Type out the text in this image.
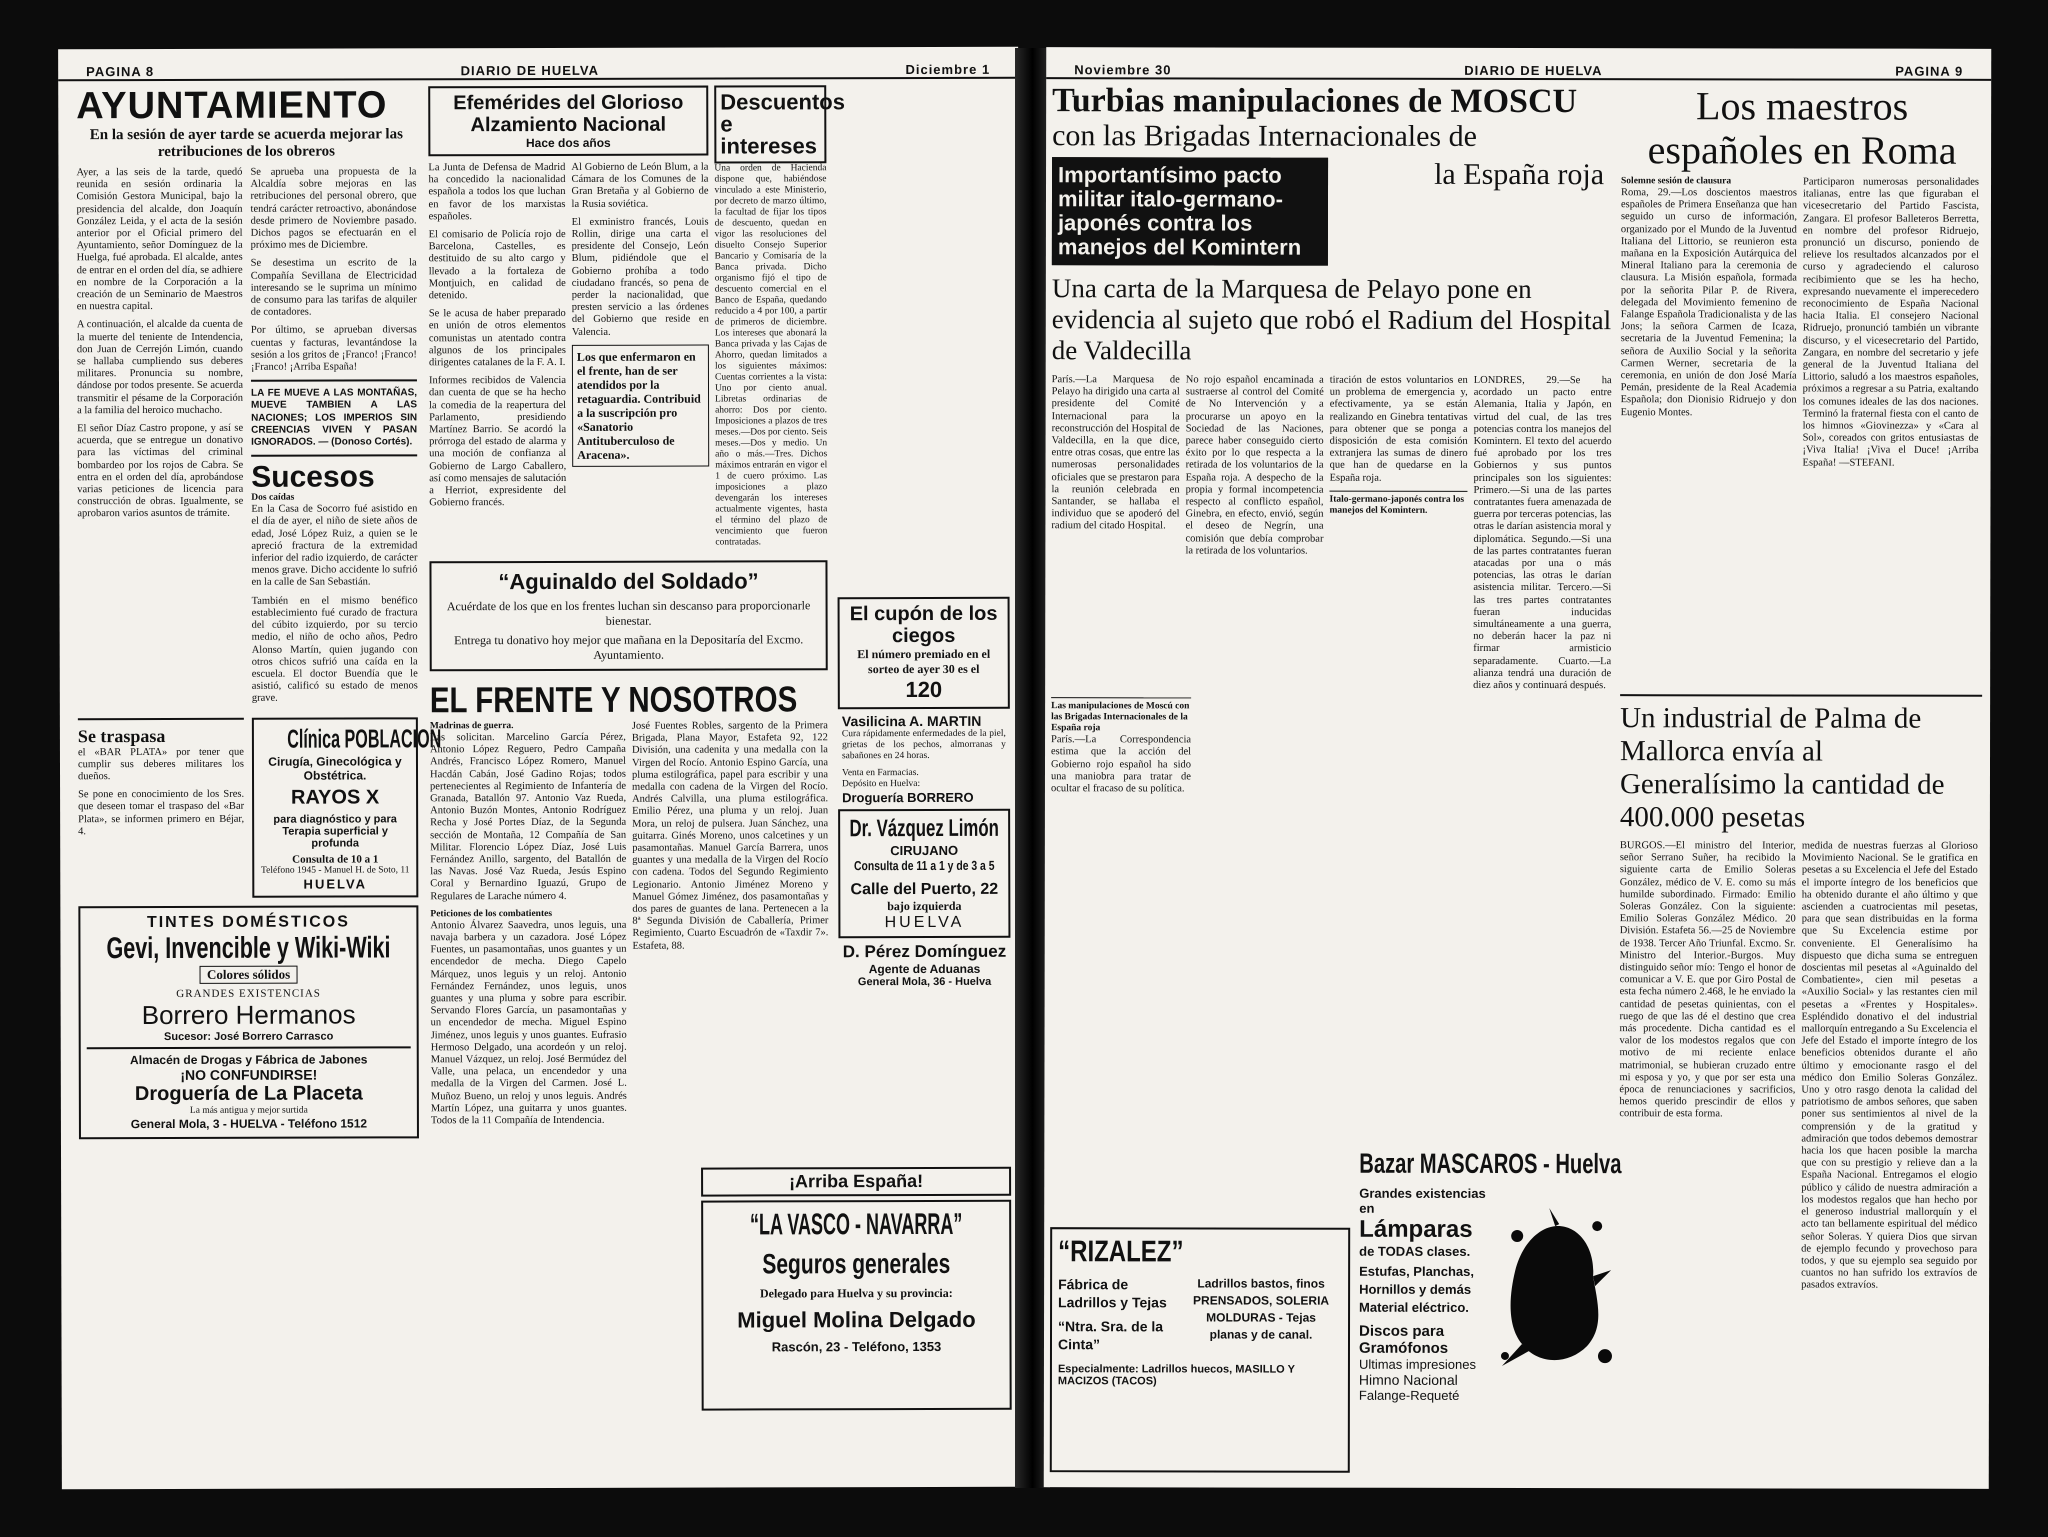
PAGINA 8	DIARIO DE HUELVA	Diciembre 1
AYUNTAMIENTO
En la sesión de ayer tarde se acuerda mejorar las retribuciones de los obreros

Ayer, a las seis de la tarde, quedó reunida en sesión ordinaria la Comisión Gestora Municipal, bajo la presidencia del alcalde, don Joaquín González Leida, y el acta de la sesión anterior por el Oficial primero del Ayuntamiento, señor Domínguez de la Huelga, fué aprobada. El alcalde, antes de entrar en el orden del día, se adhiere en nombre de la Corporación a la creación de un Seminario de Maestros en nuestra capital.

A continuación, el alcalde da cuenta de la muerte del teniente de Intendencia, don Juan de Cerrejón Limón, cuando se hallaba cumpliendo sus deberes militares. Pronuncia su nombre, dándose por todos presente. Se acuerda transmitir el pésame de la Corporación a la familia del heroico muchacho.

El señor Díaz Castro propone, y así se acuerda, que se entregue un donativo para las víctimas del criminal bombardeo por los rojos de Cabra. Se entra en el orden del día, aprobándose varias peticiones de licencia para construcción de obras. Igualmente, se aprobaron varios asuntos de trámite.

Se aprueba una propuesta de la Alcaldía sobre mejoras en las retribuciones del personal obrero, que tendrá carácter retroactivo, abonándose desde primero de Noviembre pasado. Dichos pagos se efectuarán en el próximo mes de Diciembre.

Se desestima un escrito de la Compañía Sevillana de Electricidad interesando se le suprima un mínimo de consumo para las tarifas de alquiler de contadores.

Por último, se aprueban diversas cuentas y facturas, levantándose la sesión a los gritos de ¡Franco! ¡Franco! ¡Franco! ¡Arriba España!

LA FE MUEVE A LAS MONTAÑAS, MUEVE TAMBIEN A LAS NACIONES; LOS IMPERIOS SIN CREENCIAS VIVEN Y PASAN IGNORADOS. — (Donoso Cortés).

Sucesos
Dos caídas

En la Casa de Socorro fué asistido en el día de ayer, el niño de siete años de edad, José López Ruiz, a quien se le apreció fractura de la extremidad inferior del radio izquierdo, de carácter menos grave. Dicho accidente lo sufrió en la calle de San Sebastián.

También en el mismo benéfico establecimiento fué curado de fractura del cúbito izquierdo, por su tercio medio, el niño de ocho años, Pedro Alonso Martín, quien jugando con otros chicos sufrió una caída en la escuela. El doctor Buendía que le asistió, calificó su estado de menos grave.

Se traspasa

el «BAR PLATA» por tener que cumplir sus deberes militares los dueños.

Se pone en conocimiento de los Sres. que deseen tomar el traspaso del «Bar Plata», se informen primero en Béjar, 4.

Clínica POBLACION
Cirugía, Ginecológica y Obstétrica.
RAYOS X
para diagnóstico y para Terapia superficial y profunda
Consulta de 10 a 1
Teléfono 1945 - Manuel H. de Soto, 11
HUELVA
TINTES DOMÉSTICOS
Gevi, Invencible y Wiki-Wiki
Colores sólidos
GRANDES EXISTENCIAS
Borrero Hermanos
Sucesor: José Borrero Carrasco
Almacén de Drogas y Fábrica de Jabones
¡NO CONFUNDIRSE!
Droguería de La Placeta
La más antigua y mejor surtida
General Mola, 3 - HUELVA - Teléfono 1512
Efemérides del Glorioso Alzamiento Nacional
Hace dos años

La Junta de Defensa de Madrid ha concedido la nacionalidad española a todos los que luchan en favor de los marxistas españoles.

El comisario de Policía rojo de Barcelona, Castelles, es destituido de su alto cargo y llevado a la fortaleza de Montjuich, en calidad de detenido.

Se le acusa de haber preparado en unión de otros elementos comunistas un atentado contra algunos de los principales dirigentes catalanes de la F. A. I.

Informes recibidos de Valencia dan cuenta de que se ha hecho la comedia de la reapertura del Parlamento, presidiendo Martínez Barrio. Se acordó la prórroga del estado de alarma y una moción de confianza al Gobierno de Largo Caballero, así como mensajes de salutación a Herriot, expresidente del Gobierno francés.

Al Gobierno de León Blum, a la Cámara de los Comunes de la Gran Bretaña y al Gobierno de la Rusia soviética.

El exministro francés, Louis Rollin, dirige una carta el presidente del Consejo, León Blum, pidiéndole que el Gobierno prohíba a todo ciudadano francés, so pena de perder la nacionalidad, que presten servicio a las órdenes del Gobierno que reside en Valencia.

Los que enfermaron en el frente, han de ser atendidos por la retaguardia. Contribuid a la suscripción pro «Sanatorio Antituberculoso de Aracena».

Descuentos e intereses

Una orden de Hacienda dispone que, habiéndose vinculado a este Ministerio, por decreto de marzo último, la facultad de fijar los tipos de descuento, quedan en vigor las resoluciones del disuelto Consejo Superior Bancario y Comisaría de la Banca privada. Dicho organismo fijó el tipo de descuento comercial en el Banco de España, quedando reducido a 4 por 100, a partir de primeros de diciembre. Los intereses que abonará la Banca privada y las Cajas de Ahorro, quedan limitados a los siguientes máximos: Cuentas corrientes a la vista: Uno por ciento anual. Libretas ordinarias de ahorro: Dos por ciento. Imposiciones a plazos de tres meses.—Dos por ciento. Seis meses.—Dos y medio. Un año o más.—Tres. Dichos máximos entrarán en vigor el 1 de cuero próximo. Las imposiciones a plazo devengarán los intereses actualmente vigentes, hasta el término del plazo de vencimiento que fueron contratadas.

“Aguinaldo del Soldado”

Acuérdate de los que en los frentes luchan sin descanso para proporcionarle bienestar.

Entrega tu donativo hoy mejor que mañana en la Depositaría del Excmo. Ayuntamiento.

EL FRENTE Y NOSOTROS
Madrinas de guerra.

Las solicitan. Marcelino García Pérez, Antonio López Reguero, Pedro Campaña Andrés, Francisco López Romero, Manuel Hacdán Cabán, José Gadino Rojas; todos pertenecientes al Regimiento de Infantería de Granada, Batallón 97. Antonio Vaz Rueda, Antonio Buzón Montes, Antonio Rodríguez Recha y José Portes Díaz, de la Segunda sección de Montaña, 12 Compañía de San Militar. Florencio López Díaz, José Luis Fernández Anillo, sargento, del Batallón de las Navas. José Vaz Rueda, Jesús Espino Coral y Bernardino Iguazú, Grupo de Regulares de Larache número 4.

Peticiones de los combatientes

Antonio Álvarez Saavedra, unos leguis, una navaja barbera y un cazadora. José López Fuentes, un pasamontañas, unos guantes y un encendedor de mecha. Diego Capelo Márquez, unos leguis y un reloj. Antonio Fernández Fernández, unos leguis, unos guantes y una pluma y sobre para escribir. Servando Flores García, un pasamontañas y un encendedor de mecha. Miguel Espino Jiménez, unos leguis y unos guantes. Eufrasio Hermoso Delgado, una acordeón y un reloj. Manuel Vázquez, un reloj. José Bermúdez del Valle, una pelaca, un encendedor y una medalla de la Virgen del Carmen. José L. Muñoz Bueno, un reloj y unos leguis. Andrés Martín López, una guitarra y unos guantes. Todos de la 11 Compañía de Intendencia.

José Fuentes Robles, sargento de la Primera Brigada, Plana Mayor, Estafeta 92, 122 División, una cadenita y una medalla con la Virgen del Rocío. Antonio Espino García, una pluma estilográfica, papel para escribir y una medalla con cadena de la Virgen del Rocío. Andrés Calvilla, una pluma estilográfica. Emilio Pérez, una pluma y un reloj. Juan Mora, un reloj de pulsera. Juan Sánchez, una guitarra. Ginés Moreno, unos calcetines y un pasamontañas. Manuel García Barrera, unos guantes y una medalla de la Virgen del Rocío con cadena. Todos del Segundo Regimiento Legionario. Antonio Jiménez Moreno y Manuel Gómez Jiménez, dos pasamontañas y dos pares de guantes de lana. Pertenecen a la 8ª Segunda División de Caballería, Primer Regimiento, Cuarto Escuadrón de «Taxdir 7». Estafeta, 88.

El cupón de los ciegos
El número premiado en el sorteo de ayer 30 es el
120
Vasilicina A. MARTIN

Cura rápidamente enfermedades de la piel, grietas de los pechos, almorranas y sabañones en 24 horas.

Venta en Farmacias.
Depósito en Huelva:
Droguería BORRERO
Dr. Vázquez Limón
CIRUJANO
Consulta de 11 a 1 y de 3 a 5
Calle del Puerto, 22
bajo izquierda
HUELVA
D. Pérez Domínguez
Agente de Aduanas
General Mola, 36 - Huelva
¡Arriba España!
“LA VASCO - NAVARRA”
Seguros generales
Delegado para Huelva y su provincia:
Miguel Molina Delgado
Rascón, 23 - Teléfono, 1353
Noviembre 30	DIARIO DE HUELVA	PAGINA 9
Turbias manipulaciones de MOSCU
con las Brigadas Internacionales de
Importantísimo pacto militar italo-germano-japonés contra los manejos del Komintern
la España roja
Una carta de la Marquesa de Pelayo pone en evidencia al sujeto que robó el Radium del Hospital de Valdecilla

París.—La Marquesa de Pelayo ha dirigido una carta al presidente del Comité Internacional para la reconstrucción del Hospital de Valdecilla, en la que dice, entre otras cosas, que entre las numerosas personalidades oficiales que se prestaron para la reunión celebrada en Santander, se hallaba el individuo que se apoderó del radium del citado Hospital.

No rojo español encaminada a sustraerse al control del Comité de No Intervención y a procurarse un apoyo en la Sociedad de las Naciones, parece haber conseguido cierto éxito por lo que respecta a la retirada de los voluntarios de la España roja. A despecho de la propia y formal incompetencia respecto al conflicto español, Ginebra, en efecto, envió, según el deseo de Negrín, una comisión que debía comprobar la retirada de los voluntarios.

tiración de estos voluntarios en un problema de emergencia y, efectivamente, ya se están realizando en Ginebra tentativas para obtener que se ponga a disposición de esta comisión extranjera las sumas de dinero que han de quedarse en la España roja.

Italo-germano-japonés contra los manejos del Komintern.

LONDRES, 29.—Se ha acordado un pacto entre Alemania, Italia y Japón, en virtud del cual, de las tres potencias contra los manejos del Komintern. El texto del acuerdo fué aprobado por los tres Gobiernos y sus puntos principales son los siguientes: Primero.—Si una de las partes contratantes fuera amenazada de guerra por terceras potencias, las otras le darían asistencia moral y diplomática. Segundo.—Si una de las partes contratantes fueran atacadas por una o más potencias, las otras le darían asistencia militar. Tercero.—Si las tres partes contratantes fueran inducidas simultáneamente a una guerra, no deberán hacer la paz ni firmar armisticio separadamente. Cuarto.—La alianza tendrá una duración de diez años y continuará después.

Las manipulaciones de Moscú con las Brigadas Internacionales de la España roja

París.—La Correspondencia estima que la acción del Gobierno rojo español ha sido una maniobra para tratar de ocultar el fracaso de su política.

Los maestros españoles en Roma
Solemne sesión de clausura

Roma, 29.—Los doscientos maestros españoles de Primera Enseñanza que han seguido un curso de información, organizado por el Mundo de la Juventud Italiana del Littorio, se reunieron esta mañana en la Exposición Autárquica del Mineral Italiano para la ceremonia de clausura. La Misión española, formada por la señorita Pilar P. de Rivera, delegada del Movimiento femenino de Falange Española Tradicionalista y de las Jons; la señora Carmen de Icaza, secretaria de la Juventud Femenina; la señora de Auxilio Social y la señorita Carmen Werner, secretaria de la ceremonia, en unión de don José María Pemán, presidente de la Real Academia Española; don Dionisio Ridruejo y don Eugenio Montes.

Participaron numerosas personalidades italianas, entre las que figuraban el vicesecretario del Partido Fascista, Zangara. El profesor Balleteros Berretta, en nombre del profesor Ridruejo, pronunció un discurso, poniendo de relieve los resultados alcanzados por el curso y agradeciendo el caluroso recibimiento que se les ha hecho, expresando nuevamente el imperecedero reconocimiento de España Nacional hacia Italia. El consejero Nacional Ridruejo, pronunció también un vibrante discurso, y el vicesecretario del Partido, Zangara, en nombre del secretario y jefe general de la Juventud Italiana del Littorio, saludó a los maestros españoles, próximos a regresar a su Patria, exaltando los comunes ideales de las dos naciones. Terminó la fraternal fiesta con el canto de los himnos «Giovinezza» y «Cara al Sol», coreados con gritos entusiastas de ¡Viva Italia! ¡Viva el Duce! ¡Arriba España! —STEFANI.

Un industrial de Palma de Mallorca envía al Generalísimo la cantidad de 400.000 pesetas

BURGOS.—El ministro del Interior, señor Serrano Suñer, ha recibido la siguiente carta de Emilio Soleras González, médico de V. E. como su más humilde subordinado. Firmado: Emilio Soleras González. Con la siguiente: Emilio Soleras González Médico. 20 División. Estafeta 56.—25 de Noviembre de 1938. Tercer Año Triunfal. Excmo. Sr. Ministro del Interior.-Burgos. Muy distinguido señor mío: Tengo el honor de comunicar a V. E. que por Giro Postal de esta fecha número 2.468, le he enviado la cantidad de pesetas quinientas, con el ruego de que las dé el destino que crea más procedente. Dicha cantidad es el valor de los modestos regalos que con motivo de mi reciente enlace matrimonial, se hubieran cruzado entre mi esposa y yo, y que por ser esta una época de renunciaciones y sacrificios, hemos querido prescindir de ellos y contribuir de esta forma.

medida de nuestras fuerzas al Glorioso Movimiento Nacional. Se le gratifica en pesetas a su Excelencia el Jefe del Estado el importe íntegro de los beneficios que ha obtenido durante el año último y que ascienden a cuatrocientas mil pesetas, para que sean distribuidas en la forma que Su Excelencia estime por conveniente. El Generalísimo ha dispuesto que dicha suma se entreguen doscientas mil pesetas al «Aguinaldo del Combatiente», cien mil pesetas a «Auxilio Social» y las restantes cien mil pesetas a «Frentes y Hospitales». Espléndido donativo el del industrial mallorquín entregando a Su Excelencia el Jefe del Estado el importe íntegro de los beneficios obtenidos durante el año último y emocionante rasgo el del médico don Emilio Soleras González. Uno y otro rasgo denota la calidad del patriotismo de ambos señores, que saben poner sus sentimientos al nivel de la comprensión y de la gratitud y admiración que todos debemos demostrar hacia los que hacen posible la marcha que con su prestigio y relieve dan a la España Nacional. Entregamos el elogio público y cálido de nuestra admiración a los modestos regalos que han hecho por el generoso industrial mallorquín y el acto tan bellamente espiritual del médico señor Soleras. Y quiera Dios que sirvan de ejemplo fecundo y provechoso para todos, y que su ejemplo sea seguido por cuantos no han sufrido los extravíos de pasados extravíos.

“RIZALEZ”
Fábrica de Ladrillos y Tejas
“Ntra. Sra. de la Cinta”
Ladrillos bastos, finos PRENSADOS, SOLERIA MOLDURAS - Tejas planas y de canal.
Especialmente: Ladrillos huecos, MASILLO Y MACIZOS (TACOS)
Bazar MASCAROS - Huelva
Grandes existencias en
Lámparas
de TODAS clases.
Estufas, Planchas, Hornillos y demás Material eléctrico.
Discos para Gramófonos
Ultimas impresiones
Himno Nacional
Falange-Requeté
